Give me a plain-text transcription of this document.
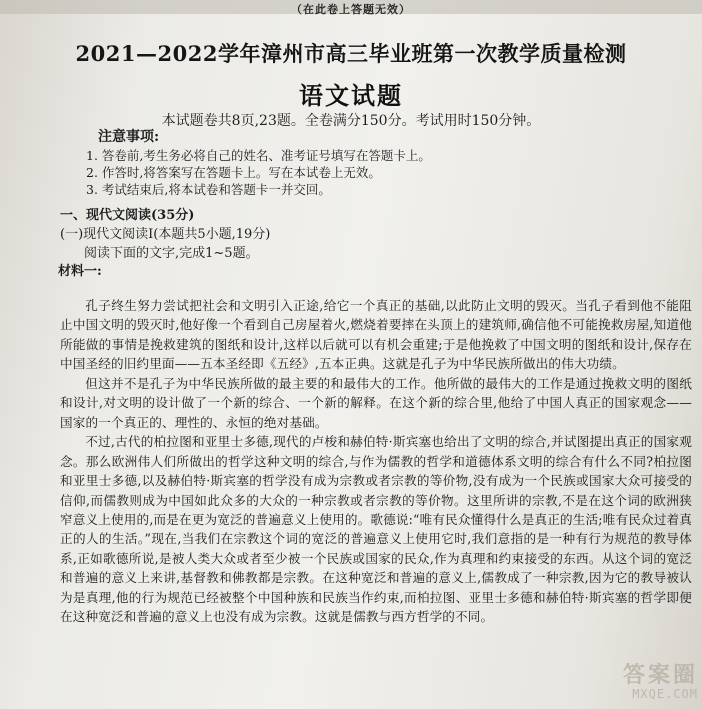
（在此卷上答题无效）
2021—2022学年漳州市高三毕业班第一次教学质量检测
语文试题
本试题卷共8页,23题。全卷满分150分。考试用时150分钟。
注意事项:
1. 答卷前,考生务必将自己的姓名、准考证号填写在答题卡上。
2. 作答时,将答案写在答题卡上。写在本试卷上无效。
3. 考试结束后,将本试卷和答题卡一并交回。
一、现代文阅读(35分)
(一)现代文阅读Ⅰ(本题共5小题,19分)
阅读下面的文字,完成1~5题。
材料一:

孔子终生努力尝试把社会和文明引入正途,给它一个真正的基础,以此防止文明的毁灭。当孔子看到他不能阻止中国文明的毁灭时,他好像一个看到自己房屋着火,燃烧着要摔在头顶上的建筑师,确信他不可能挽救房屋,知道他所能做的事情是挽救建筑的图纸和设计,这样以后就可以有机会重建;于是他挽救了中国文明的图纸和设计,保存在中国圣经的旧约里面——五本圣经即《五经》,五本正典。这就是孔子为中华民族所做出的伟大功绩。

但这并不是孔子为中华民族所做的最主要的和最伟大的工作。他所做的最伟大的工作是通过挽救文明的图纸和设计,对文明的设计做了一个新的综合、一个新的解释。在这个新的综合里,他给了中国人真正的国家观念——国家的一个真正的、理性的、永恒的绝对基础。

不过,古代的柏拉图和亚里士多德,现代的卢梭和赫伯特·斯宾塞也给出了文明的综合,并试图提出真正的国家观念。那么欧洲伟人们所做出的哲学这种文明的综合,与作为儒教的哲学和道德体系文明的综合有什么不同?柏拉图和亚里士多德,以及赫伯特·斯宾塞的哲学没有成为宗教或者宗教的等价物,没有成为一个民族或国家大众可接受的信仰,而儒教则成为中国如此众多的大众的一种宗教或者宗教的等价物。这里所讲的宗教,不是在这个词的欧洲狭窄意义上使用的,而是在更为宽泛的普遍意义上使用的。歌德说:“唯有民众懂得什么是真正的生活;唯有民众过着真正的人的生活。”现在,当我们在宗教这个词的宽泛的普遍意义上使用它时,我们意指的是一种有行为规范的教导体系,正如歌德所说,是被人类大众或者至少被一个民族或国家的民众,作为真理和约束接受的东西。从这个词的宽泛和普遍的意义上来讲,基督教和佛教都是宗教。在这种宽泛和普遍的意义上,儒教成了一种宗教,因为它的教导被认为是真理,他的行为规范已经被整个中国种族和民族当作约束,而柏拉图、亚里士多德和赫伯特·斯宾塞的哲学即便在这种宽泛和普遍的意义上也没有成为宗教。这就是儒教与西方哲学的不同。

答案圈
MXQE.COM
